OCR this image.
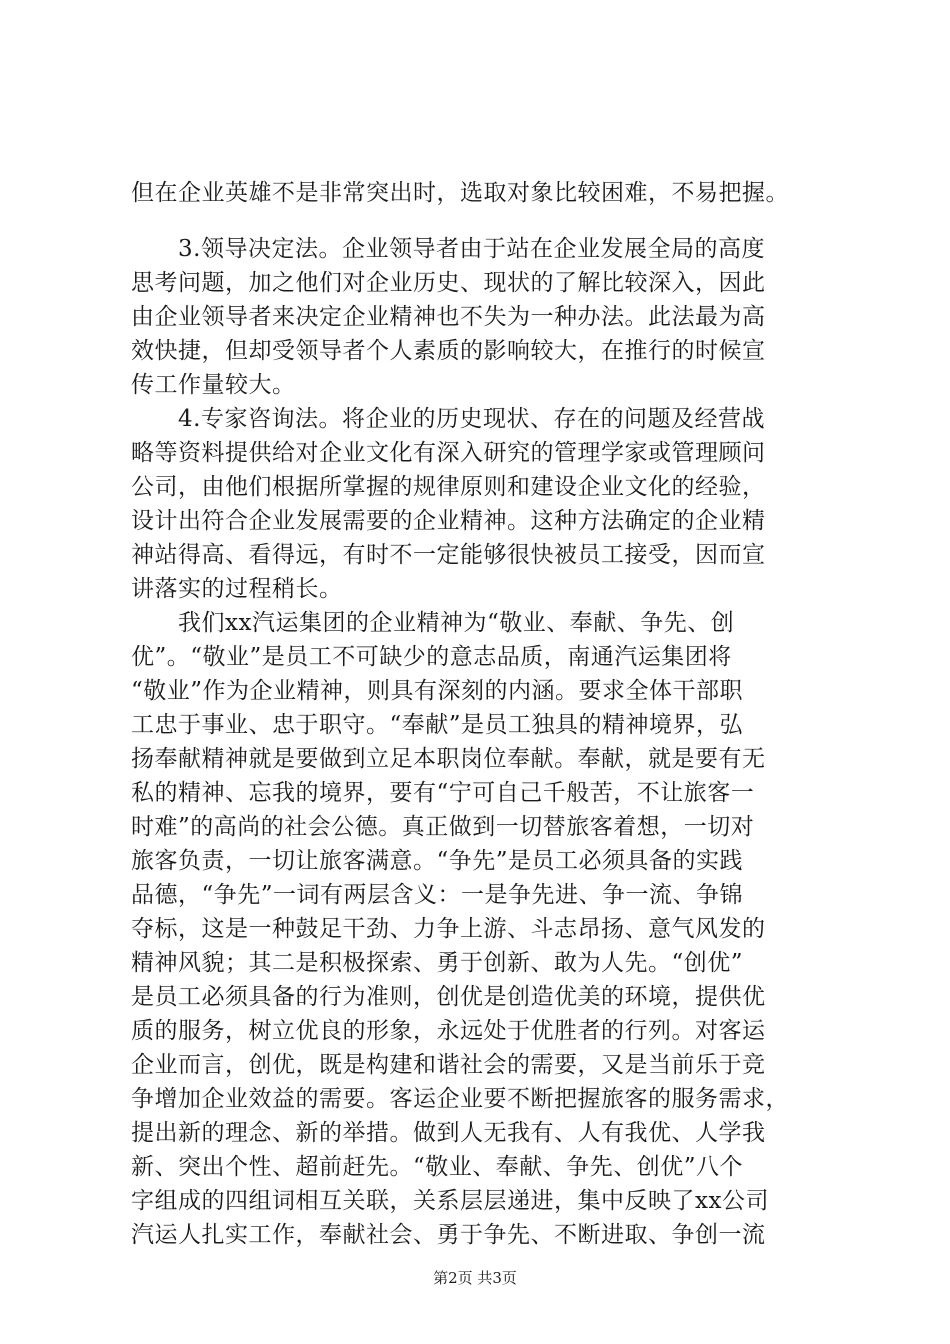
但在企业英雄不是非常突出时，选取对象比较困难，不易把握。
　　3.领导决定法。企业领导者由于站在企业发展全局的高度
思考问题，加之他们对企业历史、现状的了解比较深入，因此
由企业领导者来决定企业精神也不失为一种办法。此法最为高
效快捷，但却受领导者个人素质的影响较大，在推行的时候宣
传工作量较大。
　　4.专家咨询法。将企业的历史现状、存在的问题及经营战
略等资料提供给对企业文化有深入研究的管理学家或管理顾问
公司，由他们根据所掌握的规律原则和建设企业文化的经验，
设计出符合企业发展需要的企业精神。这种方法确定的企业精
神站得高、看得远，有时不一定能够很快被员工接受，因而宣
讲落实的过程稍长。
　　我们xx汽运集团的企业精神为“敬业、奉献、争先、创
优”。“敬业”是员工不可缺少的意志品质，南通汽运集团将
“敬业”作为企业精神，则具有深刻的内涵。要求全体干部职
工忠于事业、忠于职守。“奉献”是员工独具的精神境界，弘
扬奉献精神就是要做到立足本职岗位奉献。奉献，就是要有无
私的精神、忘我的境界，要有“宁可自己千般苦，不让旅客一
时难”的高尚的社会公德。真正做到一切替旅客着想，一切对
旅客负责，一切让旅客满意。“争先”是员工必须具备的实践
品德，“争先”一词有两层含义：一是争先进、争一流、争锦
夺标，这是一种鼓足干劲、力争上游、斗志昂扬、意气风发的
精神风貌；其二是积极探索、勇于创新、敢为人先。“创优”
是员工必须具备的行为准则，创优是创造优美的环境，提供优
质的服务，树立优良的形象，永远处于优胜者的行列。对客运
企业而言，创优，既是构建和谐社会的需要，又是当前乐于竞
争增加企业效益的需要。客运企业要不断把握旅客的服务需求，
提出新的理念、新的举措。做到人无我有、人有我优、人学我
新、突出个性、超前赶先。“敬业、奉献、争先、创优”八个
字组成的四组词相互关联，关系层层递进，集中反映了xx公司
汽运人扎实工作，奉献社会、勇于争先、不断进取、争创一流
第2页 共3页
